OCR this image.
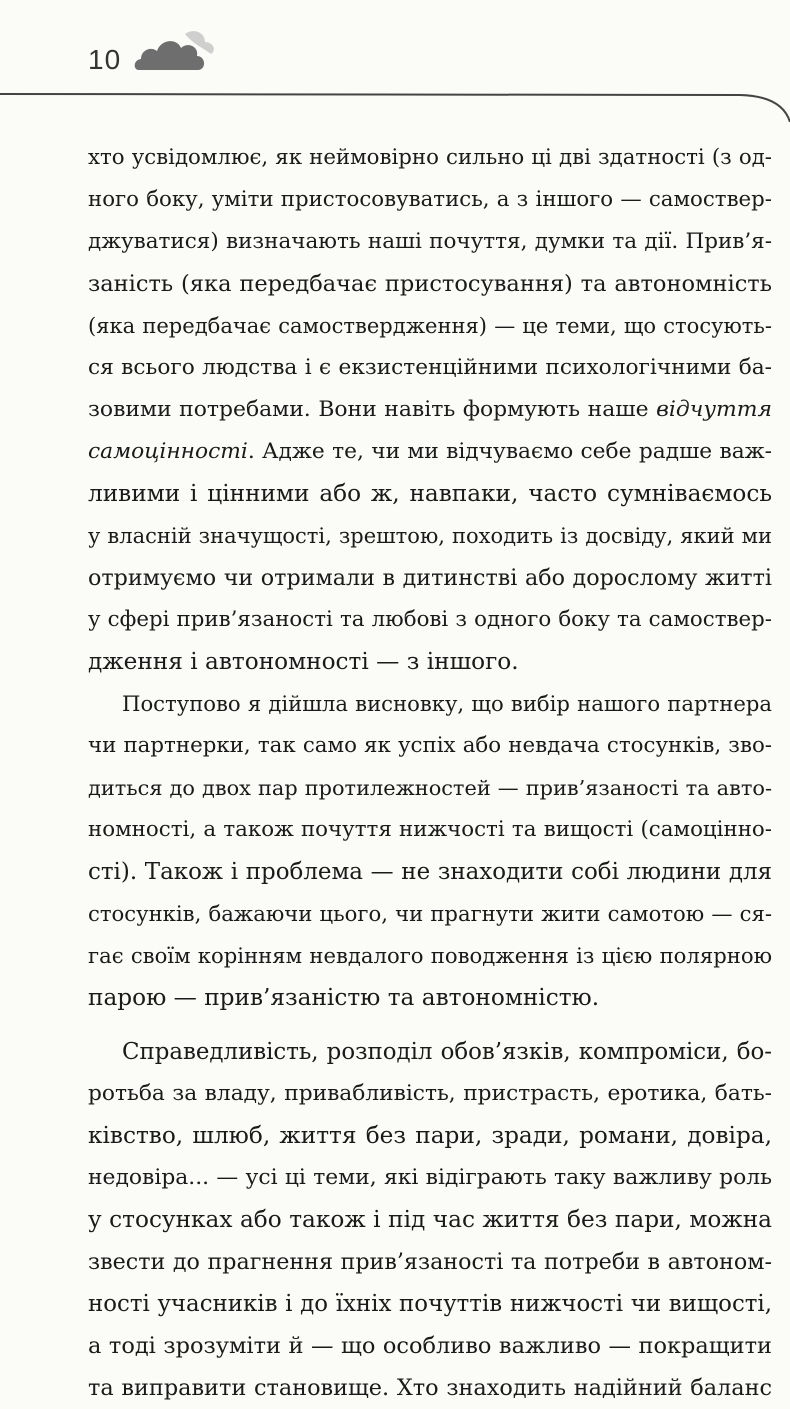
10
хто усвідомлює, як неймовірно сильно ці дві здатності (з од-
ного боку, уміти пристосовуватись, а з іншого — самоствер-
джуватися) визначають наші почуття, думки та дії. Прив’я-
заність (яка передбачає пристосування) та автономність
(яка передбачає самоствердження) — це теми, що стосують-
ся всього людства і є екзистенційними психологічними ба-
зовими потребами. Вони навіть формують наше відчуття
самоцінності. Адже те, чи ми відчуваємо себе радше важ-
ливими і цінними або ж, навпаки, часто сумніваємось
у власній значущості, зрештою, походить із досвіду, який ми
отримуємо чи отримали в дитинстві або дорослому житті
у сфері прив’язаності та любові з одного боку та самоствер-
дження і автономності — з іншого.
Поступово я дійшла висновку, що вибір нашого партнера
чи партнерки, так само як успіх або невдача стосунків, зво-
диться до двох пар протилежностей — прив’язаності та авто-
номності, а також почуття нижчості та вищості (самоцінно-
сті). Також і проблема — не знаходити собі людини для
стосунків, бажаючи цього, чи прагнути жити самотою — ся-
гає своїм корінням невдалого поводження із цією полярною
парою — прив’язаністю та автономністю.
Справедливість, розподіл обов’язків, компроміси, бо-
ротьба за владу, привабливість, пристрасть, еротика, бать-
ківство, шлюб, життя без пари, зради, романи, довіра,
недовіра... — усі ці теми, які відіграють таку важливу роль
у стосунках або також і під час життя без пари, можна
звести до прагнення прив’язаності та потреби в автоном-
ності учасників і до їхніх почуттів нижчості чи вищості,
а тоді зрозуміти й — що особливо важливо — покращити
та виправити становище. Хто знаходить надійний баланс
